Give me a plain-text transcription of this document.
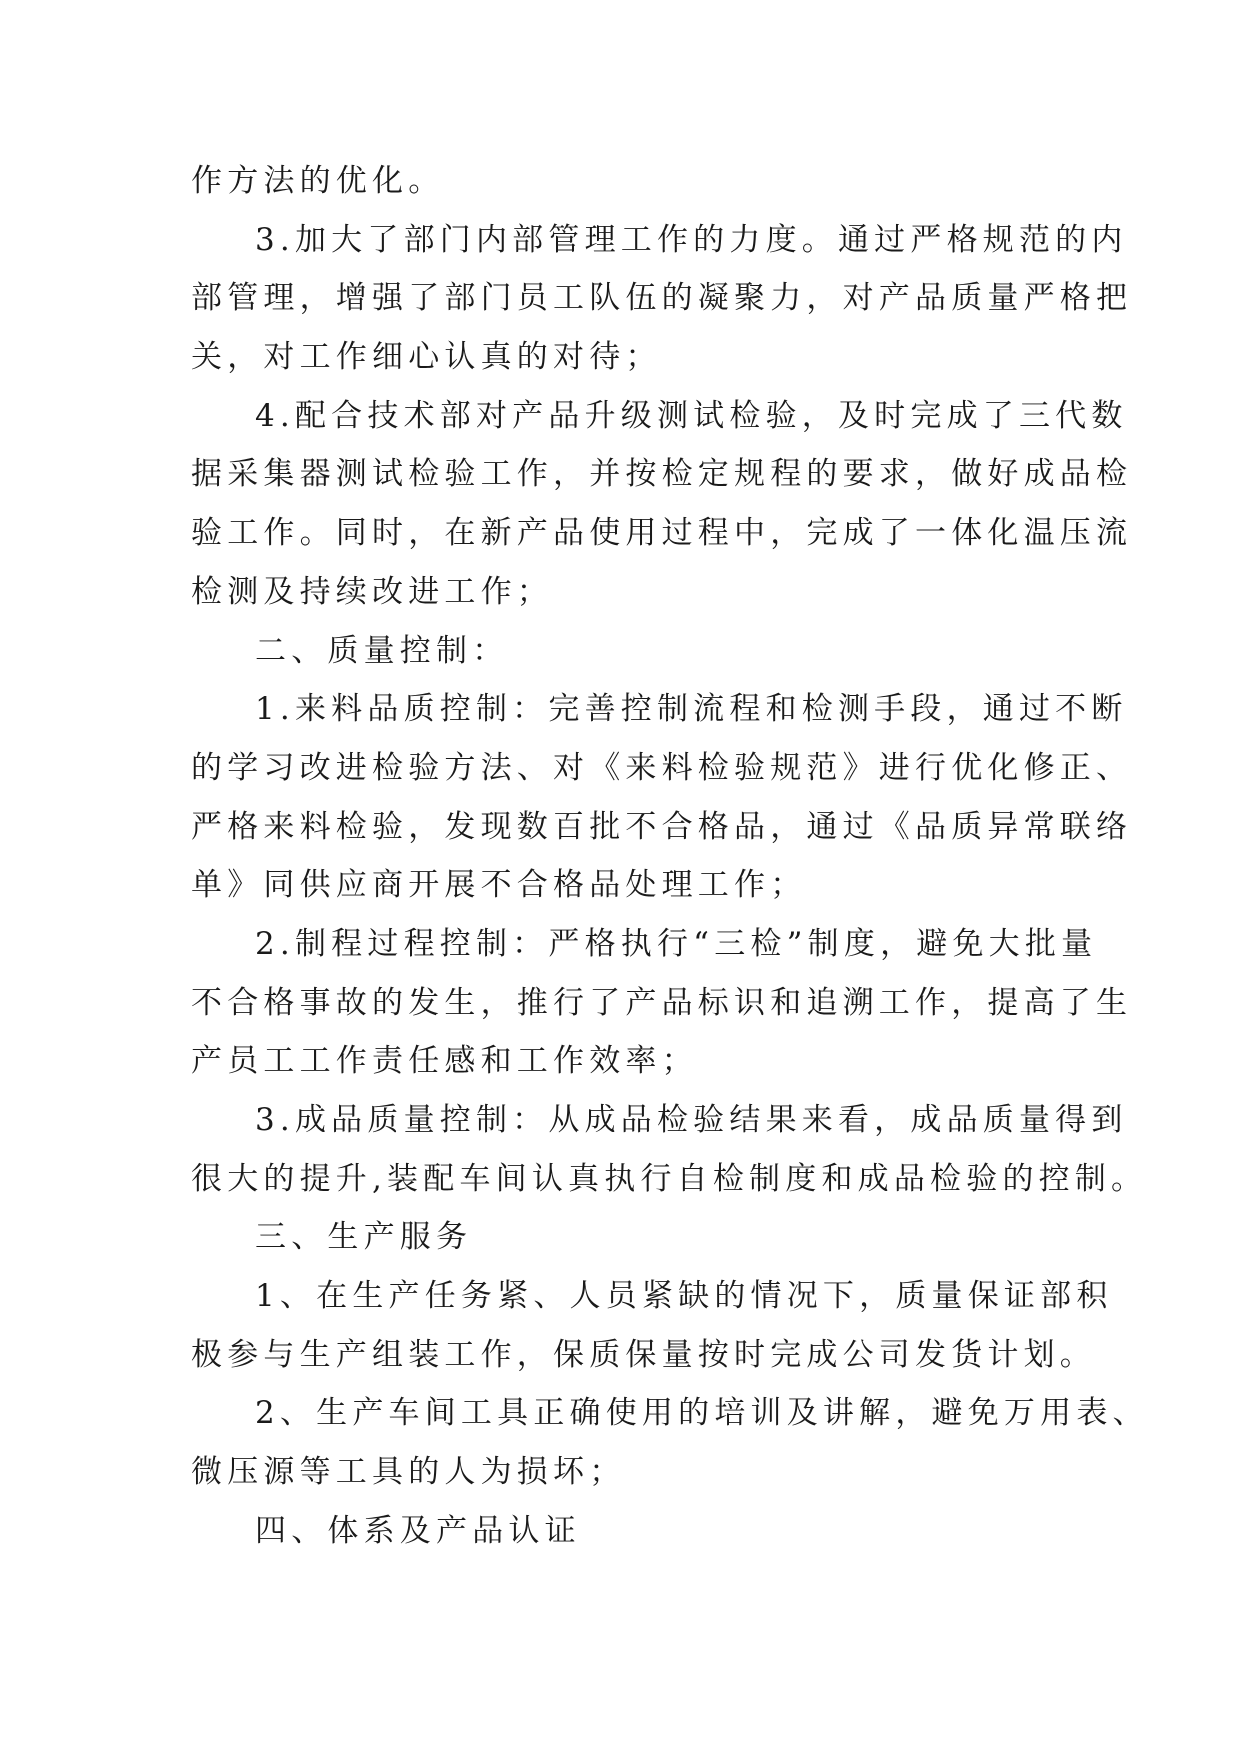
作方法的优化。
3.加大了部门内部管理工作的力度。通过严格规范的内
部管理，增强了部门员工队伍的凝聚力，对产品质量严格把
关，对工作细心认真的对待；
4.配合技术部对产品升级测试检验，及时完成了三代数
据采集器测试检验工作，并按检定规程的要求，做好成品检
验工作。同时，在新产品使用过程中，完成了一体化温压流
检测及持续改进工作；
二、质量控制：
1.来料品质控制：完善控制流程和检测手段，通过不断
的学习改进检验方法、对《来料检验规范》进行优化修正、
严格来料检验，发现数百批不合格品，通过《品质异常联络
单》同供应商开展不合格品处理工作；
2.制程过程控制：严格执行“三检”制度，避免大批量
不合格事故的发生，推行了产品标识和追溯工作，提高了生
产员工工作责任感和工作效率；
3.成品质量控制：从成品检验结果来看，成品质量得到
很大的提升,装配车间认真执行自检制度和成品检验的控制。
三、生产服务
1、在生产任务紧、人员紧缺的情况下，质量保证部积
极参与生产组装工作，保质保量按时完成公司发货计划。
2、生产车间工具正确使用的培训及讲解，避免万用表、
微压源等工具的人为损坏；
四、体系及产品认证
